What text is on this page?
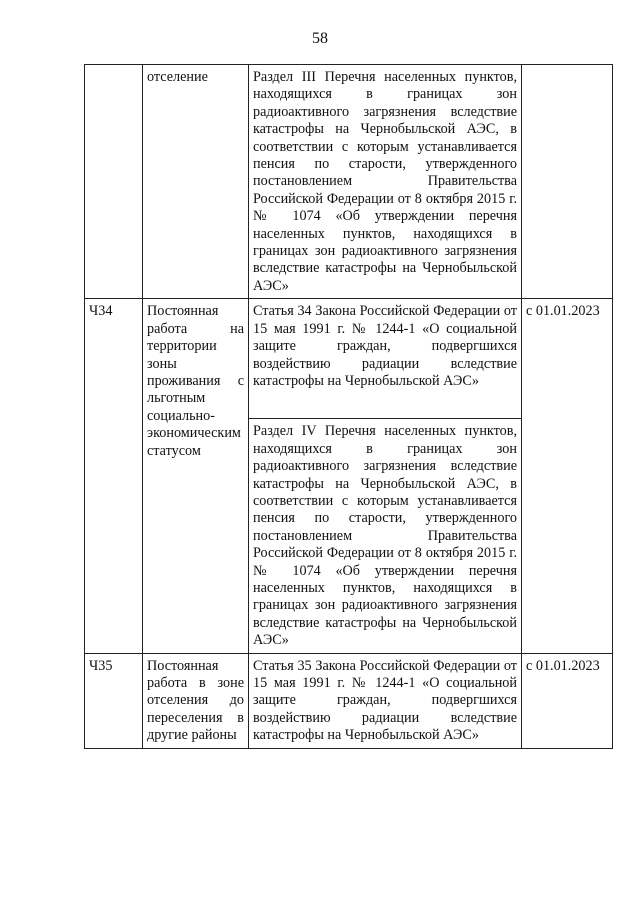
58
	отселение	Раздел III Перечня населенных пунктов, находящихся в границах зон радиоактивного загрязнения вследствие катастрофы на Чернобыльской АЭС, в соответствии с которым устанавливается пенсия по старости, утвержденного постановлением Правительства Российской Федерации от 8 октября 2015 г. № 1074 «Об утверждении перечня населенных пунктов, находящихся в границах зон радиоактивного загрязнения вследствие катастрофы на Чернобыльской АЭС»	
Ч34	Постоянная работа на территории зоны проживания с льготным социально-экономическим статусом	Статья 34 Закона Российской Федерации от 15 мая 1991 г. № 1244-1 «О социальной защите граждан, подвергшихся воздействию радиации вследствие катастрофы на Чернобыльской АЭС»	с 01.01.2023
		Раздел IV Перечня населенных пунктов, находящихся в границах зон радиоактивного загрязнения вследствие катастрофы на Чернобыльской АЭС, в соответствии с которым устанавливается пенсия по старости, утвержденного постановлением Правительства Российской Федерации от 8 октября 2015 г. № 1074 «Об утверждении перечня населенных пунктов, находящихся в границах зон радиоактивного загрязнения вследствие катастрофы на Чернобыльской АЭС»	
Ч35	Постоянная работа в зоне отселения до переселения в другие районы	Статья 35 Закона Российской Федерации от 15 мая 1991 г. № 1244-1 «О социальной защите граждан, подвергшихся воздействию радиации вследствие катастрофы на Чернобыльской АЭС»	с 01.01.2023
